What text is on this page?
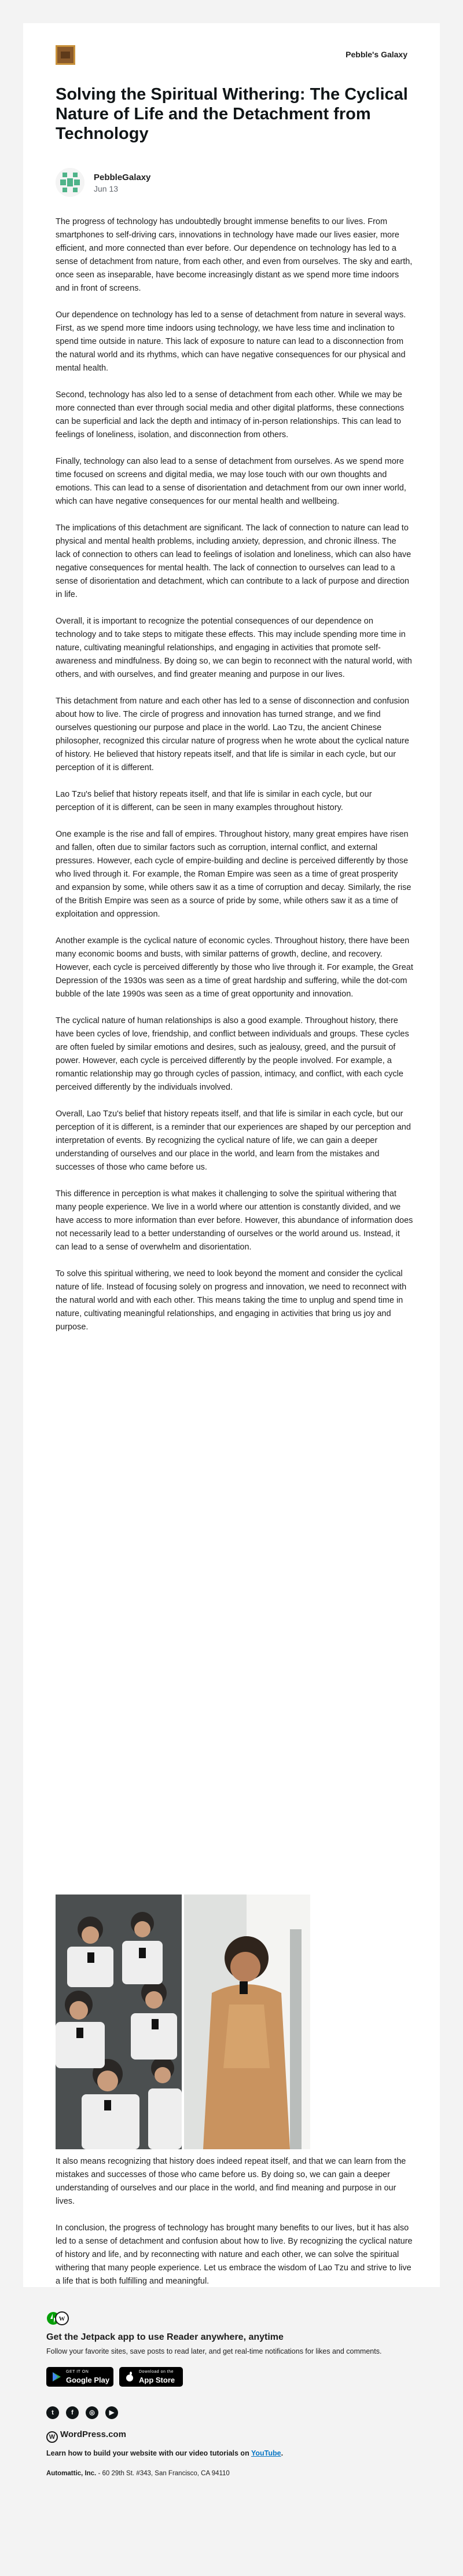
Pebble's Galaxy
Solving the Spiritual Withering: The Cyclical Nature of Life and the Detachment from Technology
PebbleGalaxy
Jun 13

The progress of technology has undoubtedly brought immense benefits to our lives. From smartphones to self-driving cars, innovations in technology have made our lives easier, more efficient, and more connected than ever before. Our dependence on technology has led to a sense of detachment from nature, from each other, and even from ourselves. The sky and earth, once seen as inseparable, have become increasingly distant as we spend more time indoors and in front of screens.

Our dependence on technology has led to a sense of detachment from nature in several ways. First, as we spend more time indoors using technology, we have less time and inclination to spend time outside in nature. This lack of exposure to nature can lead to a disconnection from the natural world and its rhythms, which can have negative consequences for our physical and mental health.

Second, technology has also led to a sense of detachment from each other. While we may be more connected than ever through social media and other digital platforms, these connections can be superficial and lack the depth and intimacy of in-person relationships. This can lead to feelings of loneliness, isolation, and disconnection from others.

Finally, technology can also lead to a sense of detachment from ourselves. As we spend more time focused on screens and digital media, we may lose touch with our own thoughts and emotions. This can lead to a sense of disorientation and detachment from our own inner world, which can have negative consequences for our mental health and wellbeing.

The implications of this detachment are significant. The lack of connection to nature can lead to physical and mental health problems, including anxiety, depression, and chronic illness. The lack of connection to others can lead to feelings of isolation and loneliness, which can also have negative consequences for mental health. The lack of connection to ourselves can lead to a sense of disorientation and detachment, which can contribute to a lack of purpose and direction in life.

Overall, it is important to recognize the potential consequences of our dependence on technology and to take steps to mitigate these effects. This may include spending more time in nature, cultivating meaningful relationships, and engaging in activities that promote self-awareness and mindfulness. By doing so, we can begin to reconnect with the natural world, with others, and with ourselves, and find greater meaning and purpose in our lives.

This detachment from nature and each other has led to a sense of disconnection and confusion about how to live. The circle of progress and innovation has turned strange, and we find ourselves questioning our purpose and place in the world. Lao Tzu, the ancient Chinese philosopher, recognized this circular nature of progress when he wrote about the cyclical nature of history. He believed that history repeats itself, and that life is similar in each cycle, but our perception of it is different.

Lao Tzu's belief that history repeats itself, and that life is similar in each cycle, but our perception of it is different, can be seen in many examples throughout history.

One example is the rise and fall of empires. Throughout history, many great empires have risen and fallen, often due to similar factors such as corruption, internal conflict, and external pressures. However, each cycle of empire-building and decline is perceived differently by those who lived through it. For example, the Roman Empire was seen as a time of great prosperity and expansion by some, while others saw it as a time of corruption and decay. Similarly, the rise of the British Empire was seen as a source of pride by some, while others saw it as a time of exploitation and oppression.

Another example is the cyclical nature of economic cycles. Throughout history, there have been many economic booms and busts, with similar patterns of growth, decline, and recovery. However, each cycle is perceived differently by those who live through it. For example, the Great Depression of the 1930s was seen as a time of great hardship and suffering, while the dot-com bubble of the late 1990s was seen as a time of great opportunity and innovation.

The cyclical nature of human relationships is also a good example. Throughout history, there have been cycles of love, friendship, and conflict between individuals and groups. These cycles are often fueled by similar emotions and desires, such as jealousy, greed, and the pursuit of power. However, each cycle is perceived differently by the people involved. For example, a romantic relationship may go through cycles of passion, intimacy, and conflict, with each cycle perceived differently by the individuals involved.

Overall, Lao Tzu's belief that history repeats itself, and that life is similar in each cycle, but our perception of it is different, is a reminder that our experiences are shaped by our perception and interpretation of events. By recognizing the cyclical nature of life, we can gain a deeper understanding of ourselves and our place in the world, and learn from the mistakes and successes of those who came before us.

This difference in perception is what makes it challenging to solve the spiritual withering that many people experience. We live in a world where our attention is constantly divided, and we have access to more information than ever before. However, this abundance of information does not necessarily lead to a better understanding of ourselves or the world around us. Instead, it can lead to a sense of overwhelm and disorientation.

To solve this spiritual withering, we need to look beyond the moment and consider the cyclical nature of life. Instead of focusing solely on progress and innovation, we need to reconnect with the natural world and with each other. This means taking the time to unplug and spend time in nature, cultivating meaningful relationships, and engaging in activities that bring us joy and purpose.

It also means recognizing that history does indeed repeat itself, and that we can learn from the mistakes and successes of those who came before us. By doing so, we can gain a deeper understanding of ourselves and our place in the world, and find meaning and purpose in our lives.

In conclusion, the progress of technology has brought many benefits to our lives, but it has also led to a sense of detachment and confusion about how to live. By recognizing the cyclical nature of history and life, and by reconnecting with nature and each other, we can solve the spiritual withering that many people experience. Let us embrace the wisdom of Lao Tzu and strive to live a life that is both fulfilling and meaningful.

W
Get the Jetpack app to use Reader anywhere, anytime
Follow your favorite sites, save posts to read later, and get real-time notifications for likes and comments.
GET IT ON
Google Play
Download on the
App Store
t	f	◎	▶
W WordPress.com
Learn how to build your website with our video tutorials on YouTube.
Automattic, Inc. - 60 29th St. #343, San Francisco, CA 94110
